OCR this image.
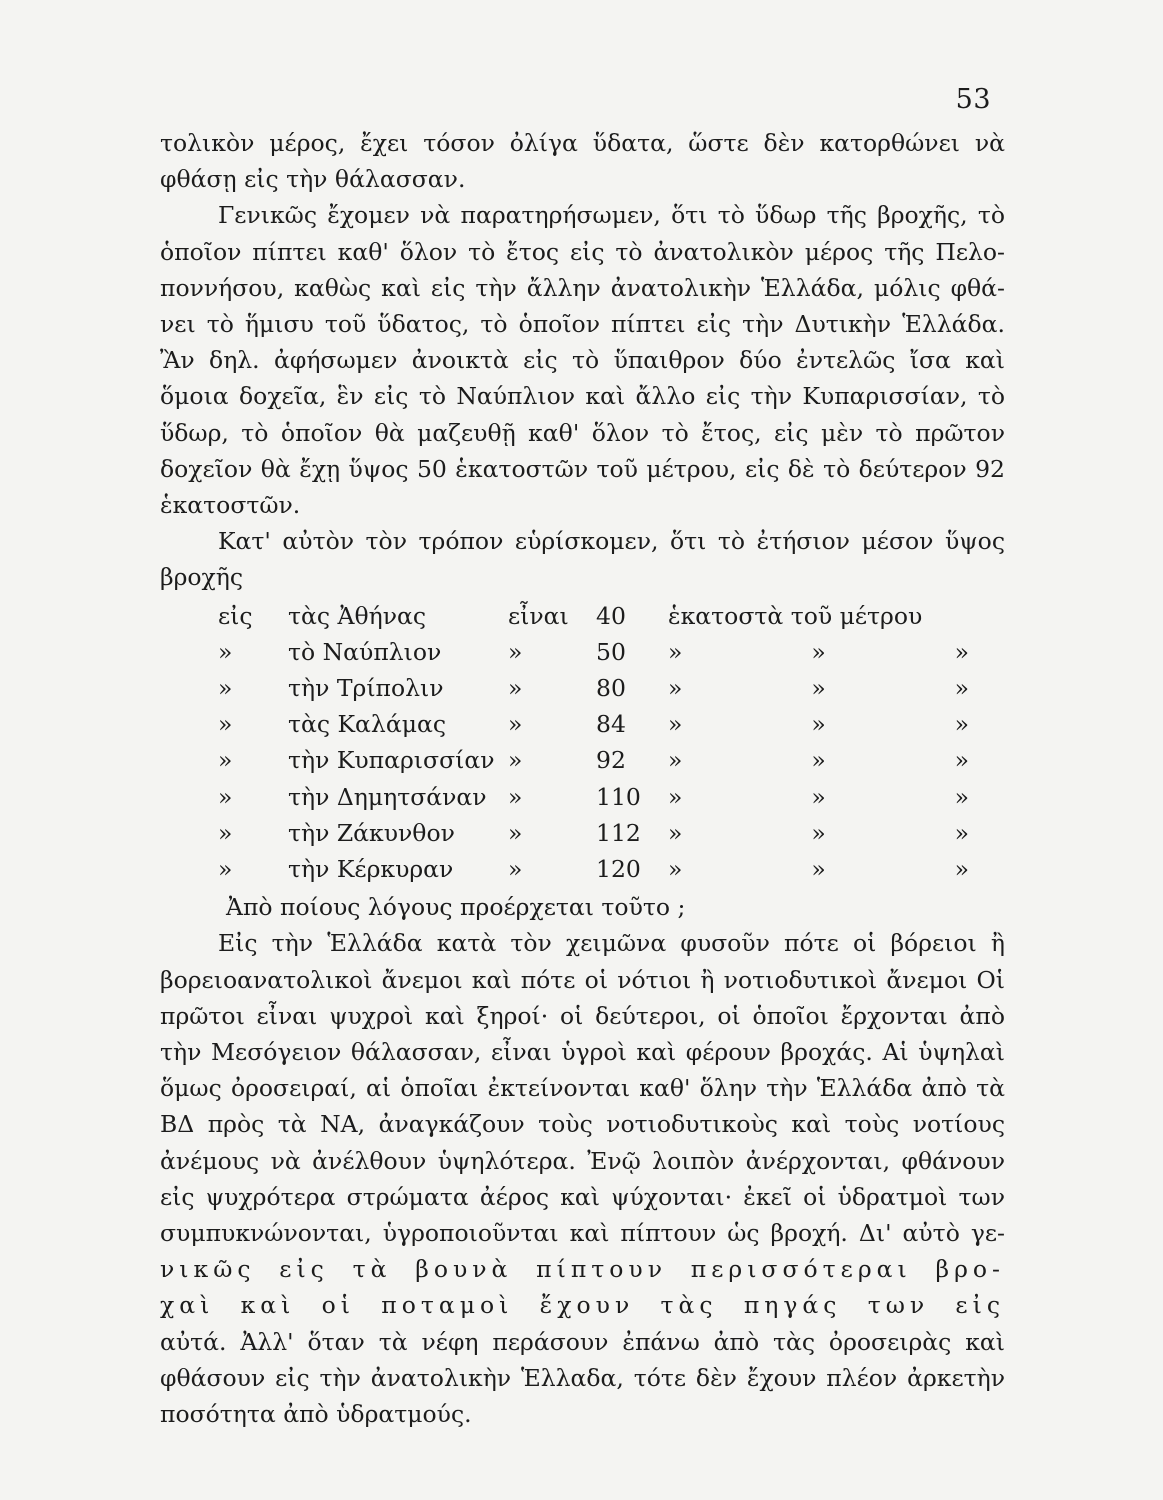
53
τολικὸν μέρος, ἔχει τόσον ὀλίγα ὕδατα, ὥστε δὲν κατορθώνει νὰ
φθάσῃ εἰς τὴν θάλασσαν.
Γενικῶς ἔχομεν νὰ παρατηρήσωμεν, ὅτι τὸ ὕδωρ τῆς βροχῆς, τὸ
ὁποῖον πίπτει καθ' ὅλον τὸ ἔτος εἰς τὸ ἀνατολικὸν μέρος τῆς Πελο-
ποννήσου, καθὼς καὶ εἰς τὴν ἄλλην ἀνατολικὴν Ἑλλάδα, μόλις φθά-
νει τὸ ἥμισυ τοῦ ὕδατος, τὸ ὁποῖον πίπτει εἰς τὴν Δυτικὴν Ἑλλάδα.
Ἂν δηλ. ἀφήσωμεν ἀνοικτὰ εἰς τὸ ὕπαιθρον δύο ἐντελῶς ἴσα καὶ
ὅμοια δοχεῖα, ἓν εἰς τὸ Ναύπλιον καὶ ἄλλο εἰς τὴν Κυπαρισσίαν, τὸ
ὕδωρ, τὸ ὁποῖον θὰ μαζευθῇ καθ' ὅλον τὸ ἔτος, εἰς μὲν τὸ πρῶτον
δοχεῖον θὰ ἔχῃ ὕψος 50 ἑκατοστῶν τοῦ μέτρου, εἰς δὲ τὸ δεύτερον 92
ἑκατοστῶν.
Κατ' αὐτὸν τὸν τρόπον εὑρίσκομεν, ὅτι τὸ ἐτήσιον μέσον ὕψος
βροχῆς
εἰς	τὰς Ἀθήνας	εἶναι	40	ἑκατοστὰ τοῦ μέτρου
»	τὸ Ναύπλιον	»	50	»  »  »
»	τὴν Τρίπολιν	»	80	»  »  »
»	τὰς Καλάμας	»	84	»  »  »
»	τὴν Κυπαρισσίαν »	92	»  »  »
»	τὴν Δημητσάναν »	110	»  »  »
»	τὴν Ζάκυνθον	»	112	»  »  »
»	τὴν Κέρκυραν	»	120	»  »  »
Ἀπὸ ποίους λόγους προέρχεται τοῦτο ;
Εἰς τὴν Ἑλλάδα κατὰ τὸν χειμῶνα φυσοῦν πότε οἱ βόρειοι ἢ
βορειοανατολικοὶ ἄνεμοι καὶ πότε οἱ νότιοι ἢ νοτιοδυτικοὶ ἄνεμοι Οἱ
πρῶτοι εἶναι ψυχροὶ καὶ ξηροί· οἱ δεύτεροι, οἱ ὁποῖοι ἔρχονται ἀπὸ
τὴν Μεσόγειον θάλασσαν, εἶναι ὑγροὶ καὶ φέρουν βροχάς. Αἱ ὑψηλαὶ
ὅμως ὀροσειραί, αἱ ὁποῖαι ἐκτείνονται καθ' ὅλην τὴν Ἑλλάδα ἀπὸ τὰ
ΒΔ πρὸς τὰ ΝΑ, ἀναγκάζουν τοὺς νοτιοδυτικοὺς καὶ τοὺς νοτίους
ἀνέμους νὰ ἀνέλθουν ὑψηλότερα. Ἐνῷ λοιπὸν ἀνέρχονται, φθάνουν
εἰς ψυχρότερα στρώματα ἀέρος καὶ ψύχονται· ἐκεῖ οἱ ὑδρατμοὶ των
συμπυκνώνονται, ὑγροποιοῦνται καὶ πίπτουν ὡς βροχή. Δι' αὐτὸ γε-
νικῶς εἰς τὰ βουνὰ πίπτουν περισσότεραι βρο-
χαὶ καὶ οἱ ποταμοὶ ἔχουν τὰς πηγάς των εἰς
αὐτά. Ἀλλ' ὅταν τὰ νέφη περάσουν ἐπάνω ἀπὸ τὰς ὀροσειρὰς καὶ
φθάσουν εἰς τὴν ἀνατολικὴν Ἑλλαδα, τότε δὲν ἔχουν πλέον ἀρκετὴν
ποσότητα ἀπὸ ὑδρατμούς.
